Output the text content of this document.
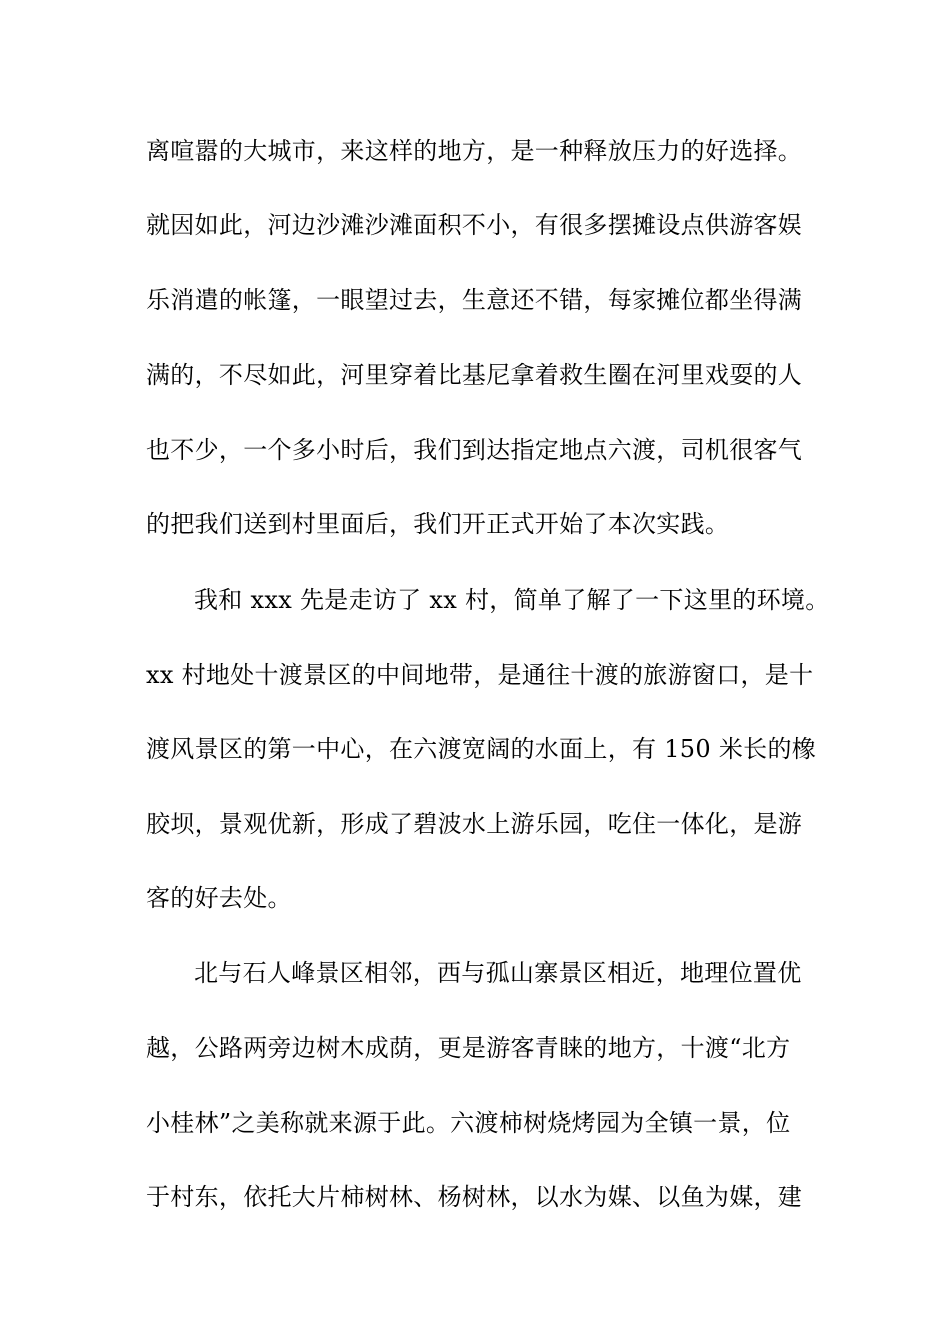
离喧嚣的大城市，来这样的地方，是一种释放压力的好选择。
就因如此，河边沙滩沙滩面积不小，有很多摆摊设点供游客娱
乐消遣的帐篷，一眼望过去，生意还不错，每家摊位都坐得满
满的，不尽如此，河里穿着比基尼拿着救生圈在河里戏耍的人
也不少，一个多小时后，我们到达指定地点六渡，司机很客气
的把我们送到村里面后，我们开正式开始了本次实践。
我和 xxx 先是走访了 xx 村，简单了解了一下这里的环境。
xx 村地处十渡景区的中间地带，是通往十渡的旅游窗口，是十
渡风景区的第一中心，在六渡宽阔的水面上，有 150 米长的橡
胶坝，景观优新，形成了碧波水上游乐园，吃住一体化，是游
客的好去处。
北与石人峰景区相邻，西与孤山寨景区相近，地理位置优
越，公路两旁边树木成荫，更是游客青睐的地方，十渡“北方
小桂林”之美称就来源于此。六渡柿树烧烤园为全镇一景，位
于村东，依托大片柿树林、杨树林，以水为媒、以鱼为媒，建
